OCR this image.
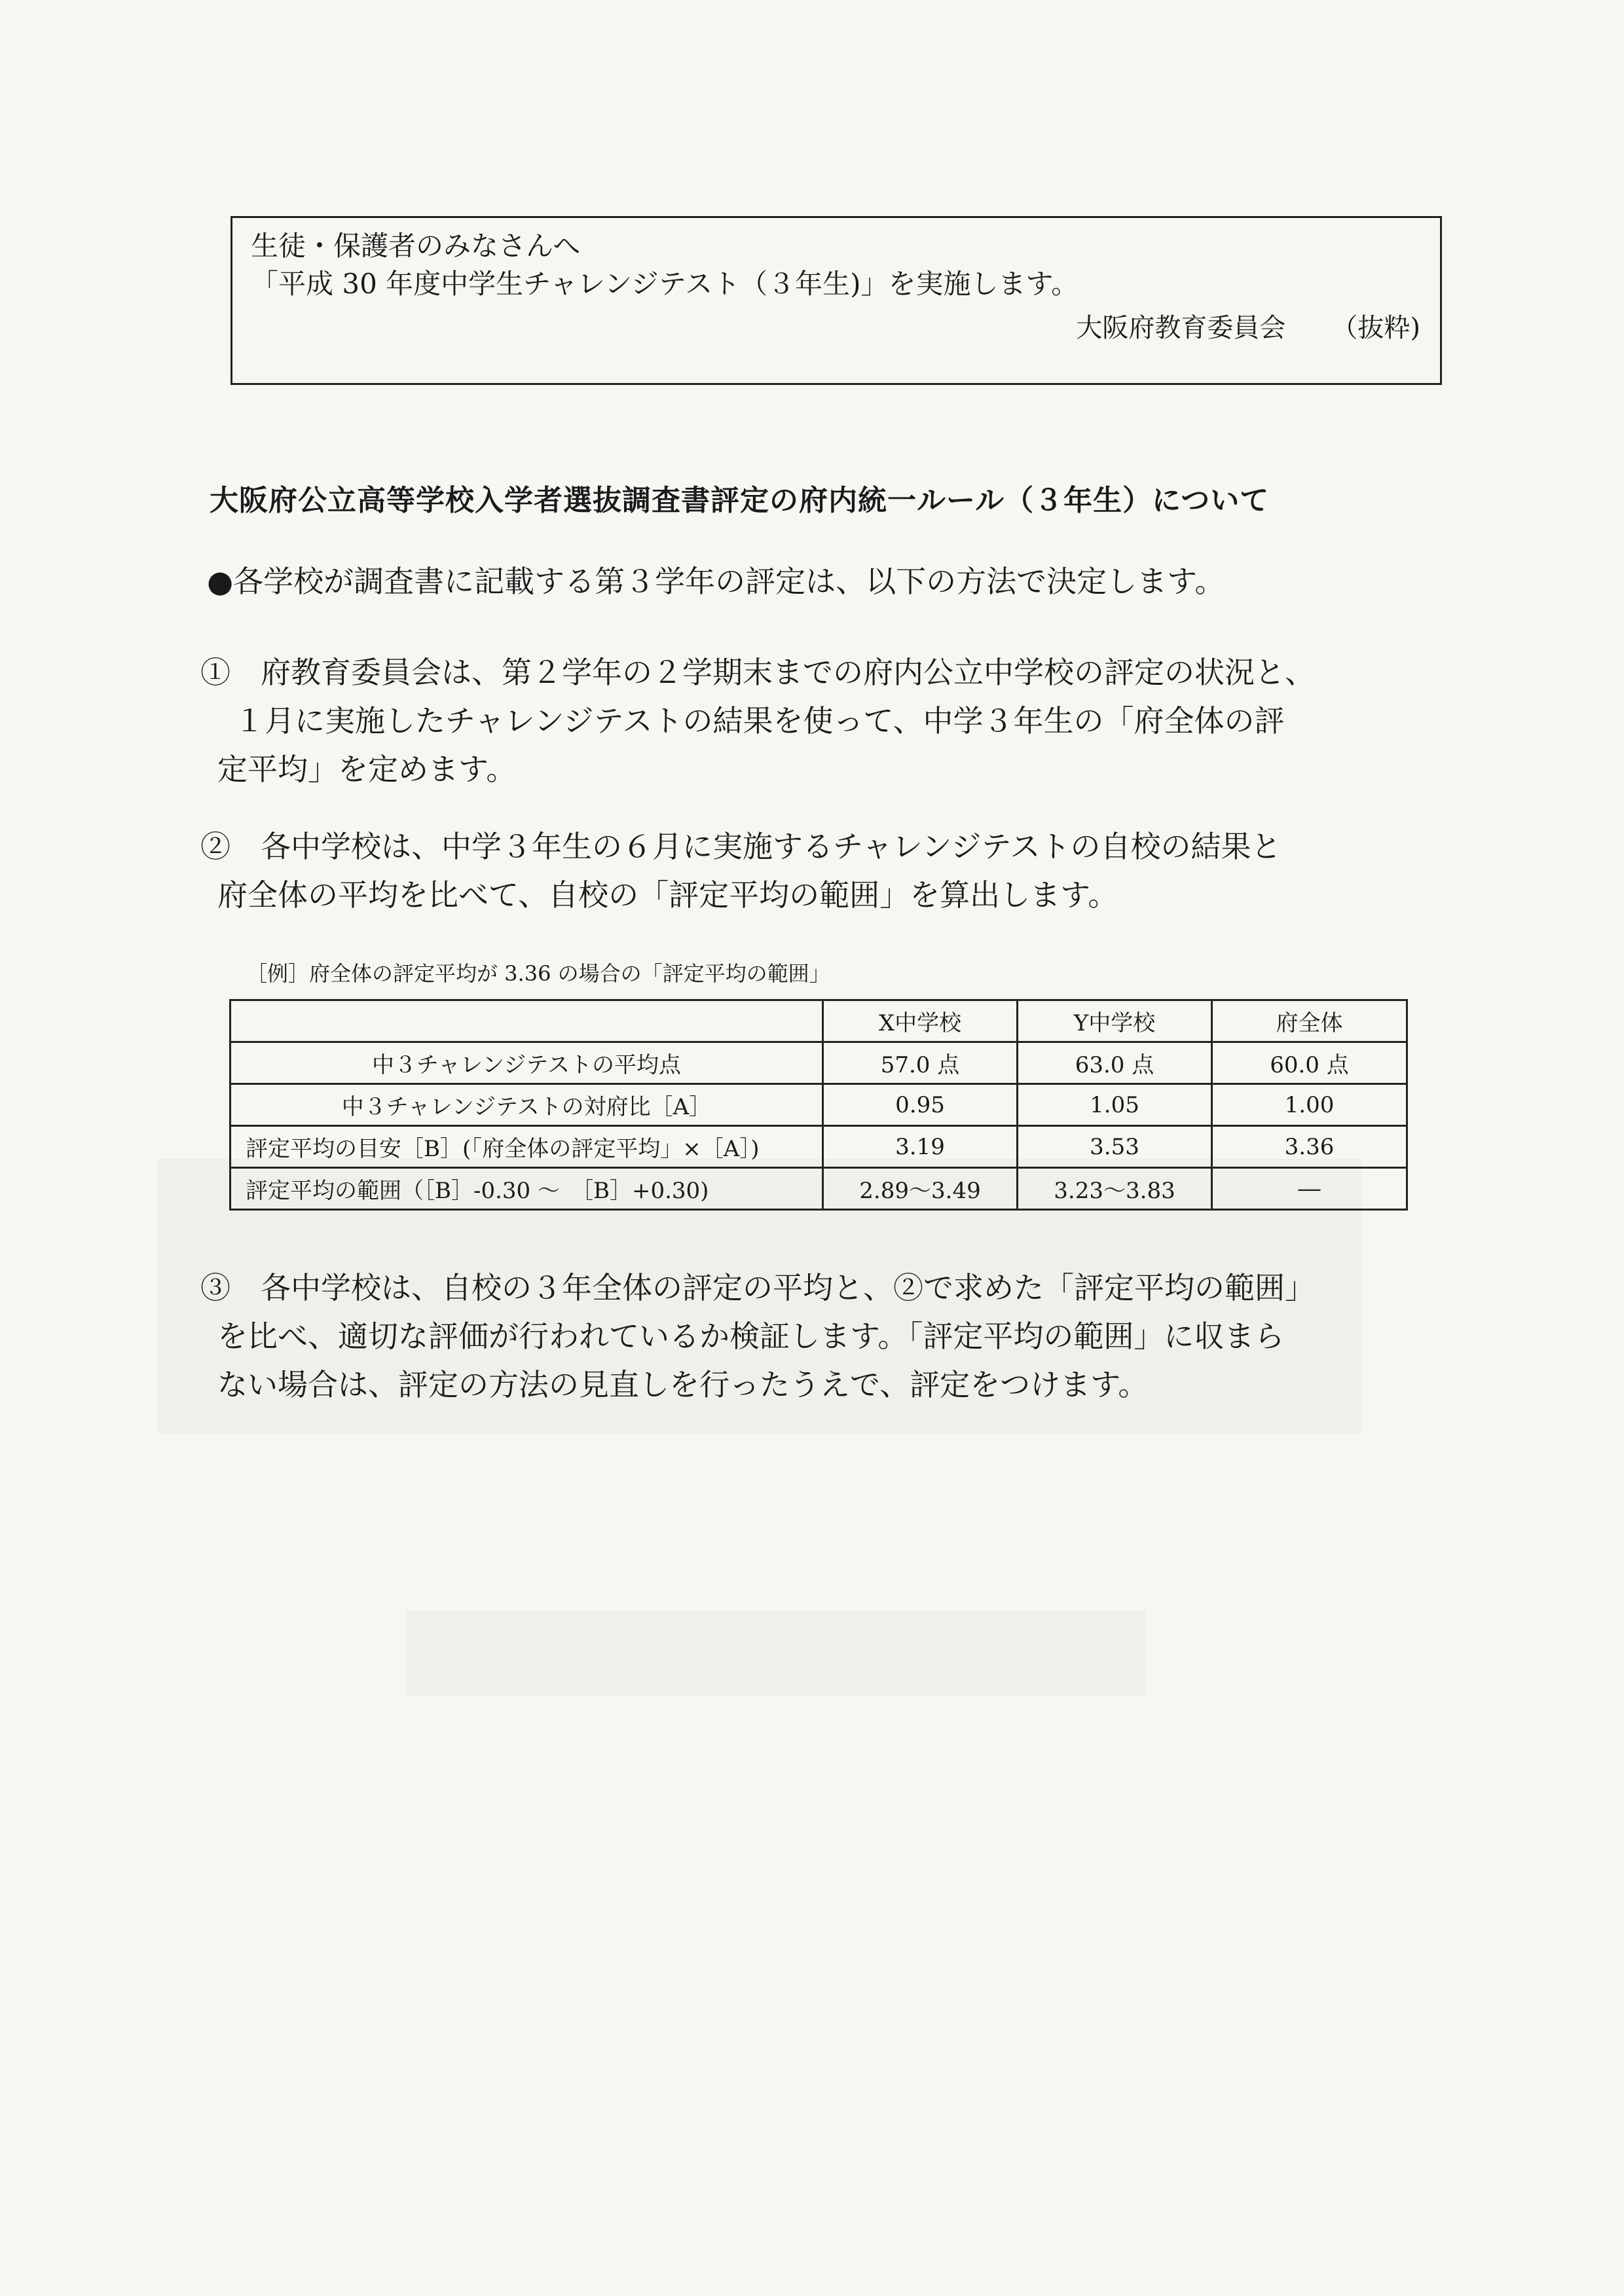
生徒・保護者のみなさんへ
「平成 30 年度中学生チャレンジテスト（３年生)」を実施します。
大阪府教育委員会 （抜粋)
大阪府公立高等学校入学者選抜調査書評定の府内統一ルール（３年生）について
●各学校が調査書に記載する第３学年の評定は、以下の方法で決定します。
①　府教育委員会は、第２学年の２学期末までの府内公立中学校の評定の状況と、
１月に実施したチャレンジテストの結果を使って、中学３年生の「府全体の評
定平均」を定めます。
②　各中学校は、中学３年生の６月に実施するチャレンジテストの自校の結果と
府全体の平均を比べて、自校の「評定平均の範囲」を算出します。
［例］府全体の評定平均が 3.36 の場合の「評定平均の範囲」
	X中学校	Y中学校	府全体
中３チャレンジテストの平均点	57.0 点	63.0 点	60.0 点
中３チャレンジテストの対府比［A］	0.95	1.05	1.00
評定平均の目安［B］(「府全体の評定平均」×［A］)	3.19	3.53	3.36
評定平均の範囲（［B］-0.30 ～　［B］+0.30)	2.89～3.49	3.23～3.83	―
③　各中学校は、自校の３年全体の評定の平均と、②で求めた「評定平均の範囲」
を比べ、適切な評価が行われているか検証します。「評定平均の範囲」に収まら
ない場合は、評定の方法の見直しを行ったうえで、評定をつけます。
